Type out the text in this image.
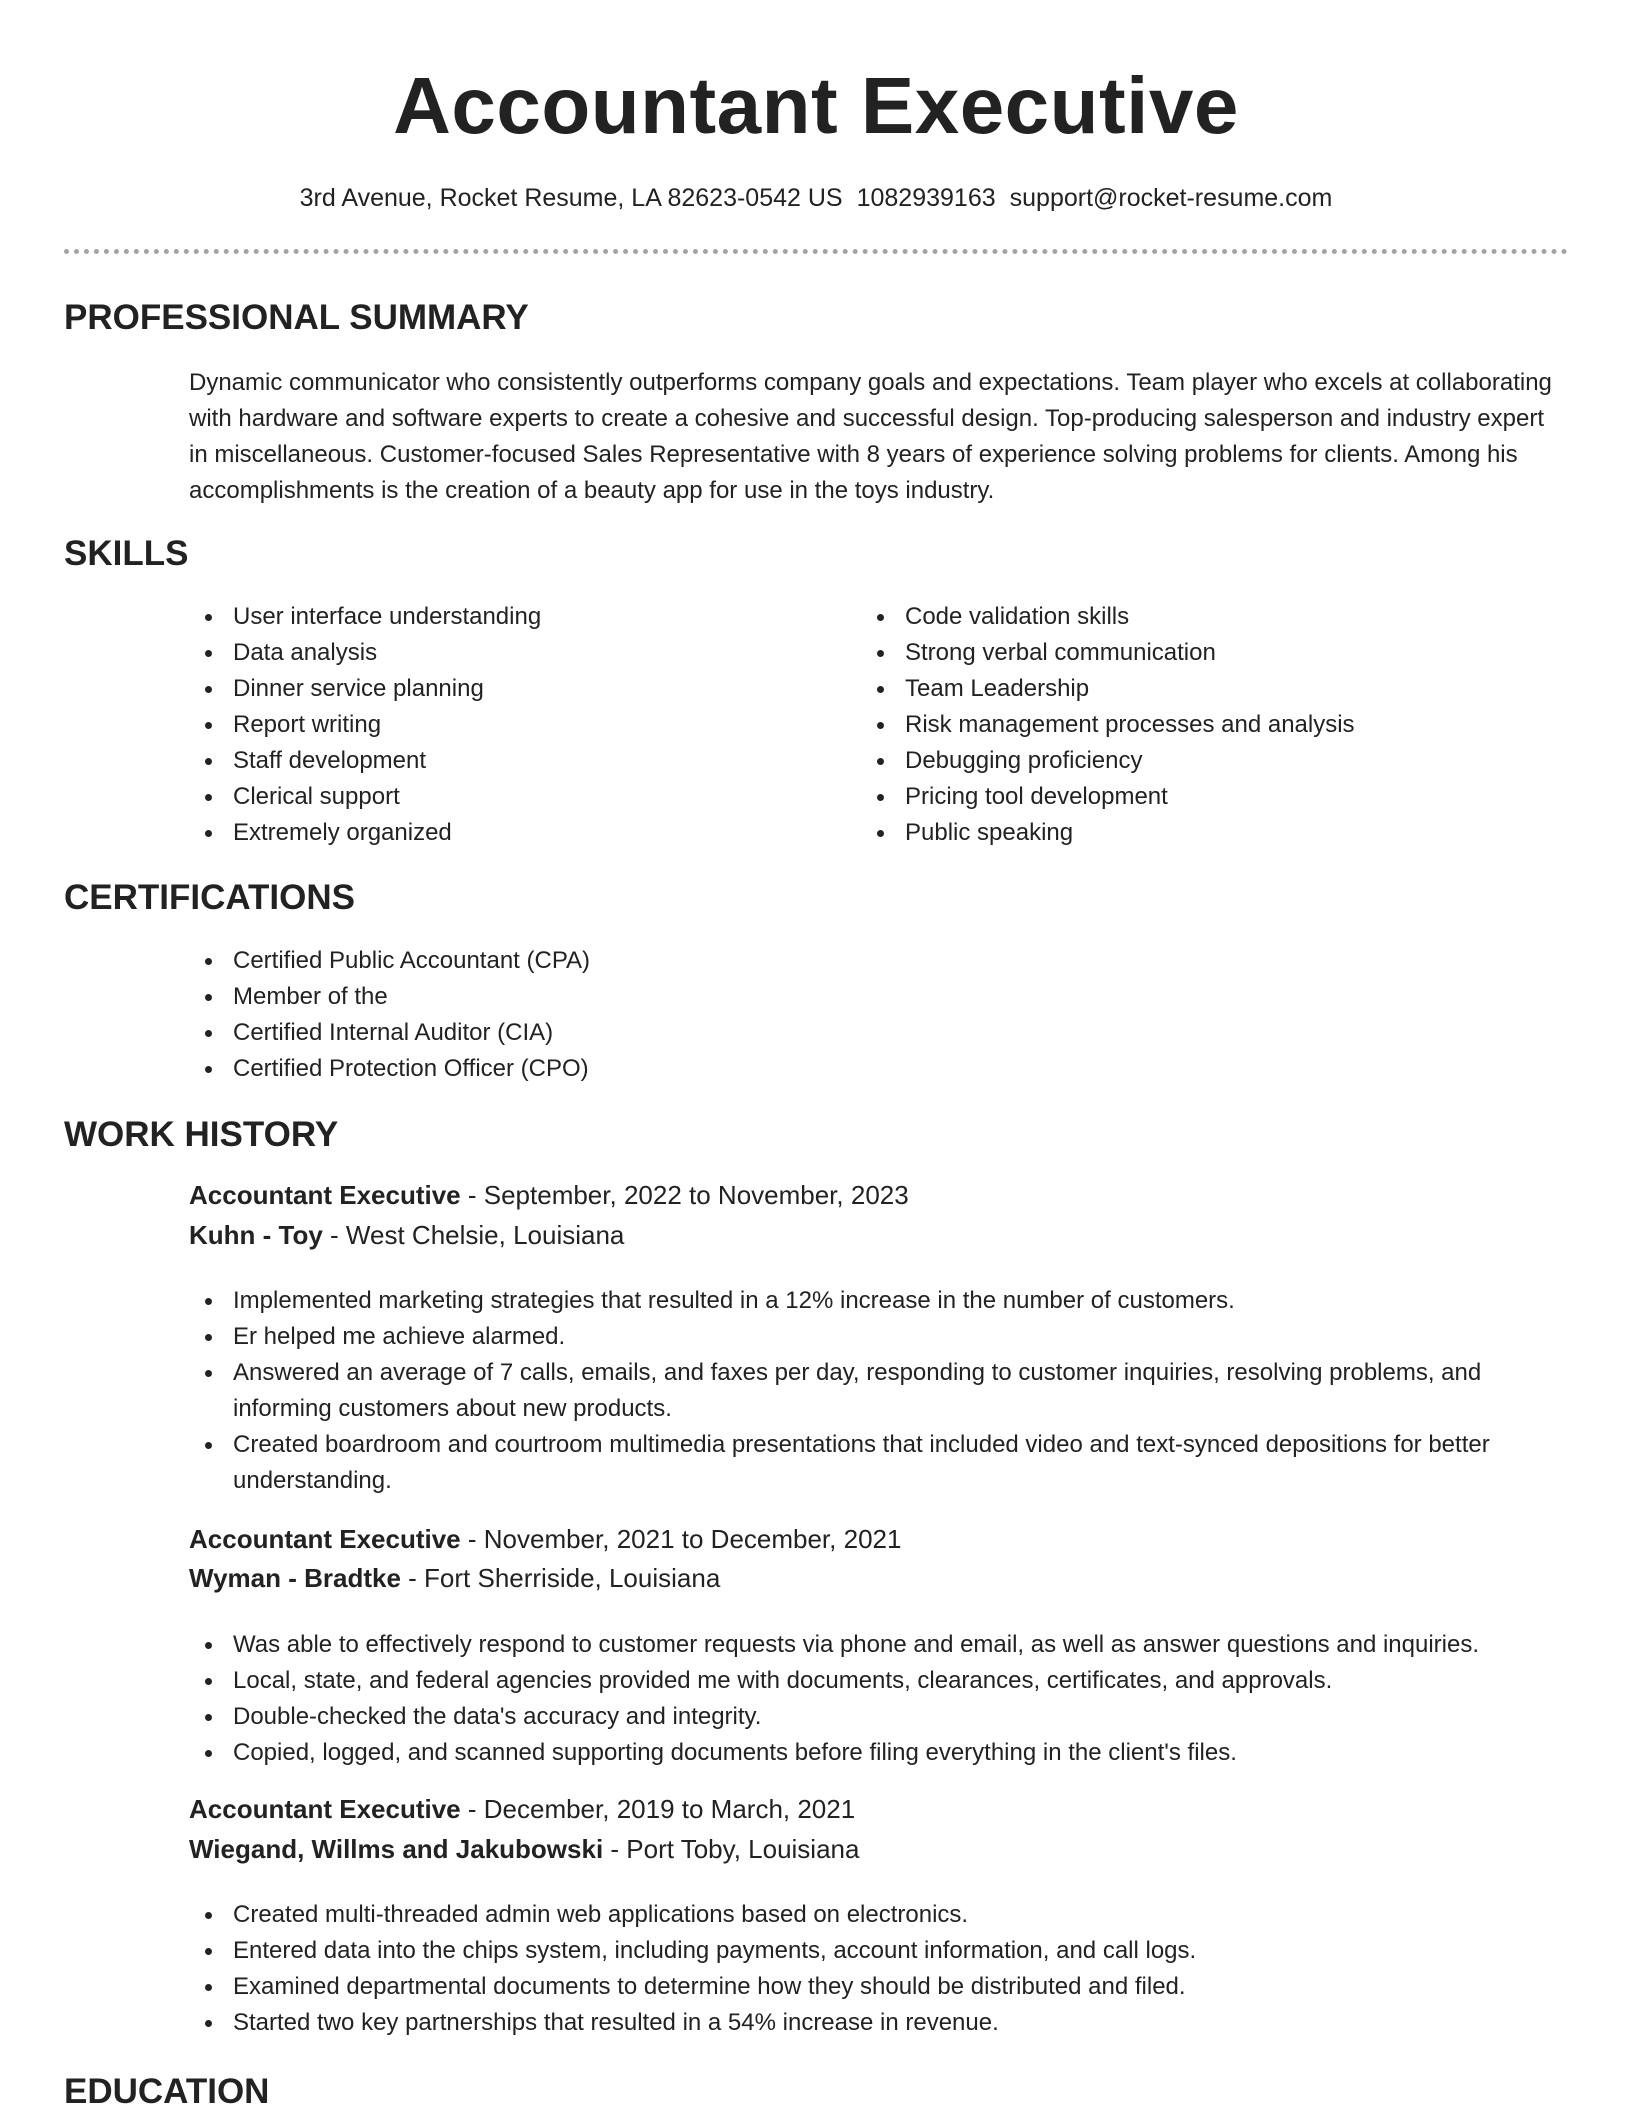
Accountant Executive
3rd Avenue, Rocket Resume, LA 82623-0542 US 1082939163 support@rocket-resume.com
PROFESSIONAL SUMMARY

Dynamic communicator who consistently outperforms company goals and expectations. Team player who excels at collaborating with hardware and software experts to create a cohesive and successful design. Top-producing salesperson and industry expert in miscellaneous. Customer-focused Sales Representative with 8 years of experience solving problems for clients. Among his accomplishments is the creation of a beauty app for use in the toys industry.

SKILLS
User interface understanding
Data analysis
Dinner service planning
Report writing
Staff development
Clerical support
Extremely organized
Code validation skills
Strong verbal communication
Team Leadership
Risk management processes and analysis
Debugging proficiency
Pricing tool development
Public speaking
CERTIFICATIONS
Certified Public Accountant (CPA)
Member of the
Certified Internal Auditor (CIA)
Certified Protection Officer (CPO)
WORK HISTORY
Accountant Executive - September, 2022 to November, 2023
Kuhn - Toy - West Chelsie, Louisiana
Implemented marketing strategies that resulted in a 12% increase in the number of customers.
Er helped me achieve alarmed.
Answered an average of 7 calls, emails, and faxes per day, responding to customer inquiries, resolving problems, and informing customers about new products.
Created boardroom and courtroom multimedia presentations that included video and text-synced depositions for better understanding.
Accountant Executive - November, 2021 to December, 2021
Wyman - Bradtke - Fort Sherriside, Louisiana
Was able to effectively respond to customer requests via phone and email, as well as answer questions and inquiries.
Local, state, and federal agencies provided me with documents, clearances, certificates, and approvals.
Double-checked the data's accuracy and integrity.
Copied, logged, and scanned supporting documents before filing everything in the client's files.
Accountant Executive - December, 2019 to March, 2021
Wiegand, Willms and Jakubowski - Port Toby, Louisiana
Created multi-threaded admin web applications based on electronics.
Entered data into the chips system, including payments, account information, and call logs.
Examined departmental documents to determine how they should be distributed and filed.
Started two key partnerships that resulted in a 54% increase in revenue.
EDUCATION
